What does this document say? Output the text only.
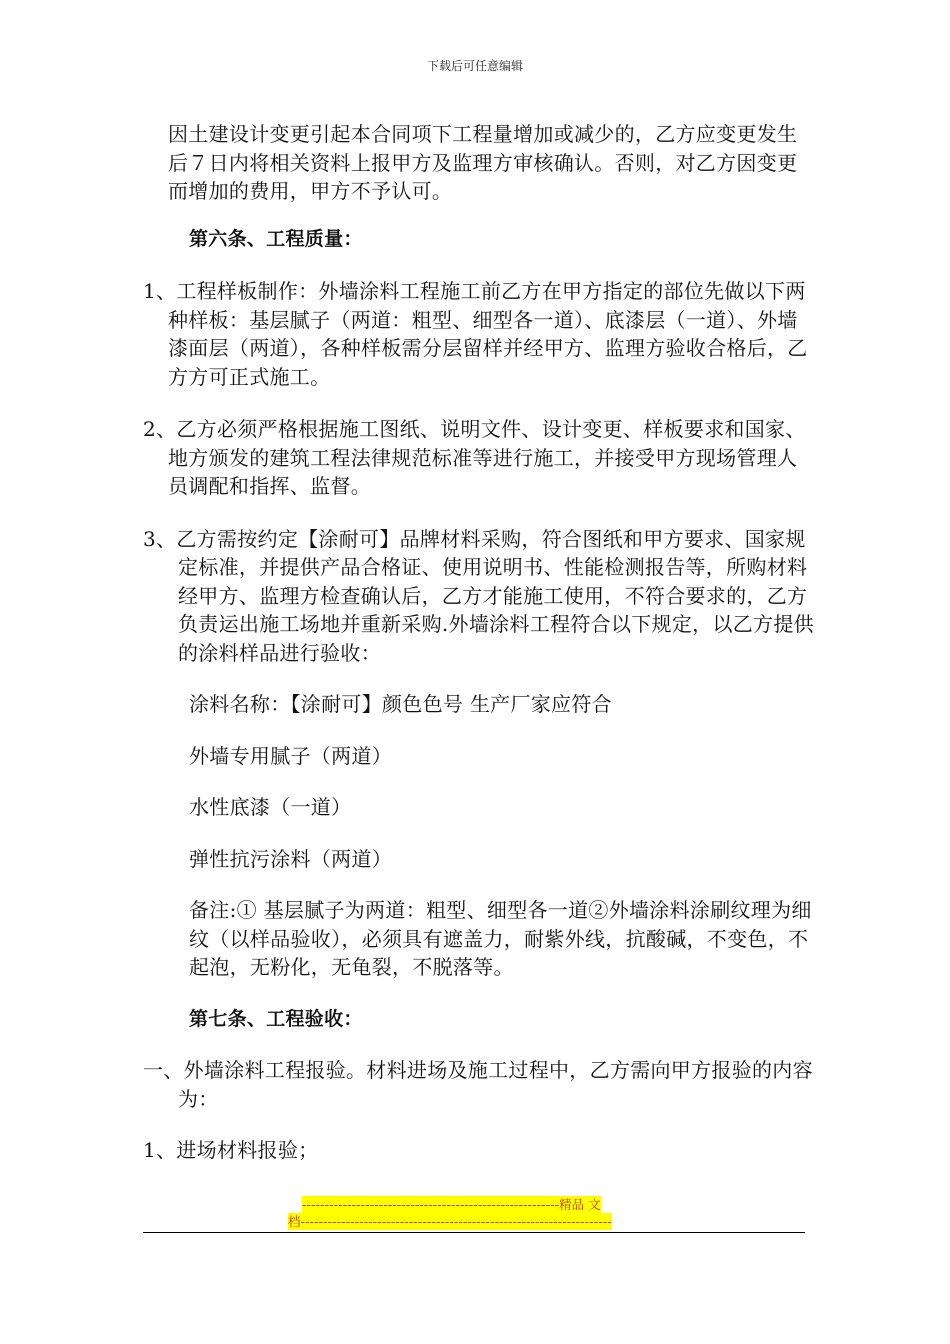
下载后可任意编辑

因土建设计变更引起本合同项下工程量增加或减少的，乙方应变更发生后７日内将相关资料上报甲方及监理方审核确认。否则，对乙方因变更而增加的费用，甲方不予认可。

第六条、工程质量：

1、工程样板制作：外墙涂料工程施工前乙方在甲方指定的部位先做以下两种样板：基层腻子（两道：粗型、细型各一道）、底漆层（一道）、外墙漆面层（两道），各种样板需分层留样并经甲方、监理方验收合格后，乙方方可正式施工。

2、乙方必须严格根据施工图纸、说明文件、设计变更、样板要求和国家、地方颁发的建筑工程法律规范标准等进行施工，并接受甲方现场管理人员调配和指挥、监督。

3、乙方需按约定【涂耐可】品牌材料采购，符合图纸和甲方要求、国家规定标准，并提供产品合格证、使用说明书、性能检测报告等，所购材料经甲方、监理方检查确认后，乙方才能施工使用，不符合要求的，乙方负责运出施工场地并重新采购.外墙涂料工程符合以下规定，以乙方提供的涂料样品进行验收：

涂料名称：【涂耐可】颜色色号 生产厂家应符合

外墙专用腻子（两道）

水性底漆（一道）

弹性抗污涂料（两道）

备注:① 基层腻子为两道：粗型、细型各一道②外墙涂料涂刷纹理为细纹（以样品验收），必须具有遮盖力，耐紫外线，抗酸碱，不变色，不起泡，无粉化，无龟裂，不脱落等。

第七条、工程验收：

一、外墙涂料工程报验。材料进场及施工过程中，乙方需向甲方报验的内容为：

1、进场材料报验；

---------------------------------------------------------精品 文
档---------------------------------------------------------------------
